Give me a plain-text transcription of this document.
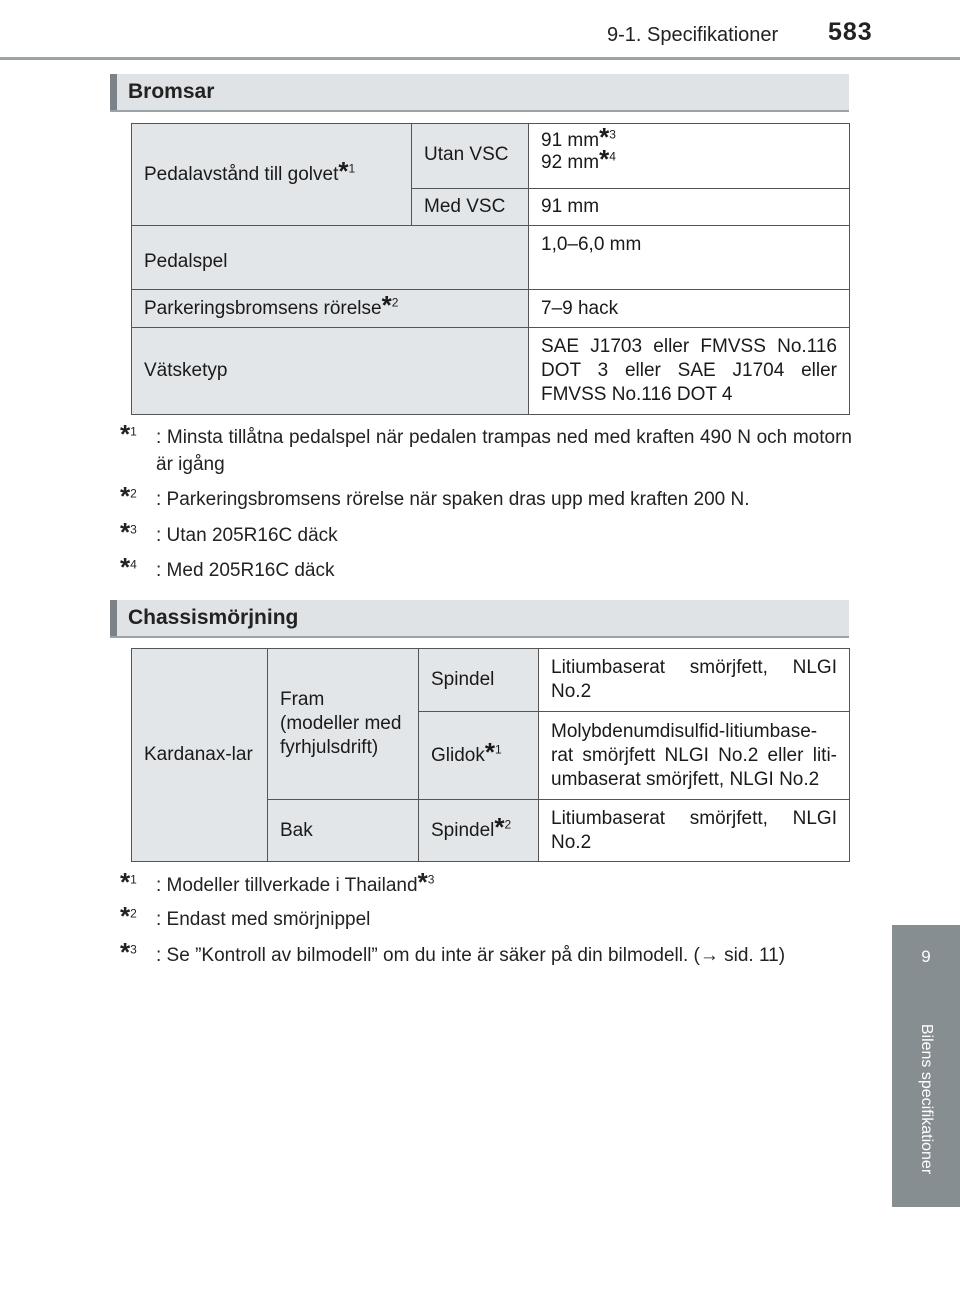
9-1. Specifikationer 583
9
Bilens specifikationer
Bromsar
Pedalavstånd till golvet*$^1$	Utan VSC	91 mm*$^3$
92 mm*$^4$

	Med VSC	91 mm
Pedalspel		1,0–6,0 mm
Parkeringsbromsens rörelse*$^2$		7–9 hack
Vätsketyp		SAE J1703 eller FMVSS No.116 DOT 3 eller SAE J1704 eller FMVSS No.116 DOT 4
*$^1$	: Minsta tillåtna pedalspel när pedalen trampas ned med kraften 490 N och motorn är igång
*$^2$	: Parkeringsbromsens rörelse när spaken dras upp med kraften 200 N.
*$^3$	: Utan 205R16C däck
*$^4$	: Med 205R16C däck
Chassismörjning
Kardanax-lar	Fram (modeller med fyrhjulsdrift)	Spindel	Litiumbaserat smörjfett, NLGI No.2
		Glidok*$^1$	Molybdenumdisulfid-litiumbase-rat smörjfett NLGI No.2 eller liti-umbaserat smörjfett, NLGI No.2
	Bak	Spindel*$^2$	Litiumbaserat smörjfett, NLGI No.2
*$^1$	: Modeller tillverkade i Thailand*$^3$
*$^2$	: Endast med smörjnippel
*$^3$	: Se ”Kontroll av bilmodell” om du inte är säker på din bilmodell. (→ sid. 11)
